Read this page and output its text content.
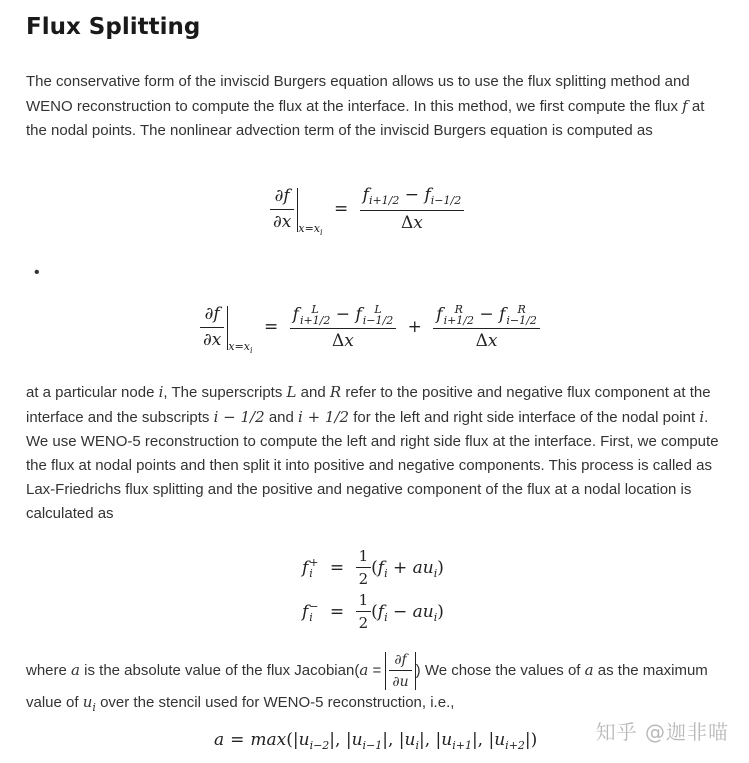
Flux Splitting

The conservative form of the inviscid Burgers equation allows us to use the flux splitting method and WENO reconstruction to compute the flux at the interface. In this method, we first compute the flux f at the nodal points. The nonlinear advection term of the inviscid Burgers equation is computed as

$\frac{\partial f}{\partial x} _{x=x_i} = \frac{f_{i+1/2} - f_{i-1/2}}{\Delta x}$
•
$\frac{\partial f}{\partial x} _{x=x_i} = f$	L
i+1/2 − f	L
i−1/2
Δx + f	R
i+1/2 − f	R
i−1/2
Δx

at a particular node i, The superscripts L and R refer to the positive and negative flux component at the interface and the subscripts i − 1/2 and i + 1/2 for the left and right side interface of the nodal point i. We use WENO-5 reconstruction to compute the left and right side flux at the interface. First, we compute the flux at nodal points and then split it into positive and negative components. This process is called as Lax-Friedrichs flux splitting and the positive and negative component of the flux at a nodal location is calculated as

f +
i	= $\frac{1}{2} (f_i + au_i)$
f −
i	= $\frac{1}{2} (f_i - au_i)$

where a is the absolute value of the flux Jacobian(a = $\frac{\partial f}{\partial u}$ ) We chose the values of a as the maximum value of $u_i$ over the stencil used for WENO-5 reconstruction, i.e.,

$a = \max(|u_{i-2}|$, $|u_{i-1}|$, $|u_i|$, $|u_{i+1}|$, $|u_{i+2}|$)	知乎 @迦非喵
